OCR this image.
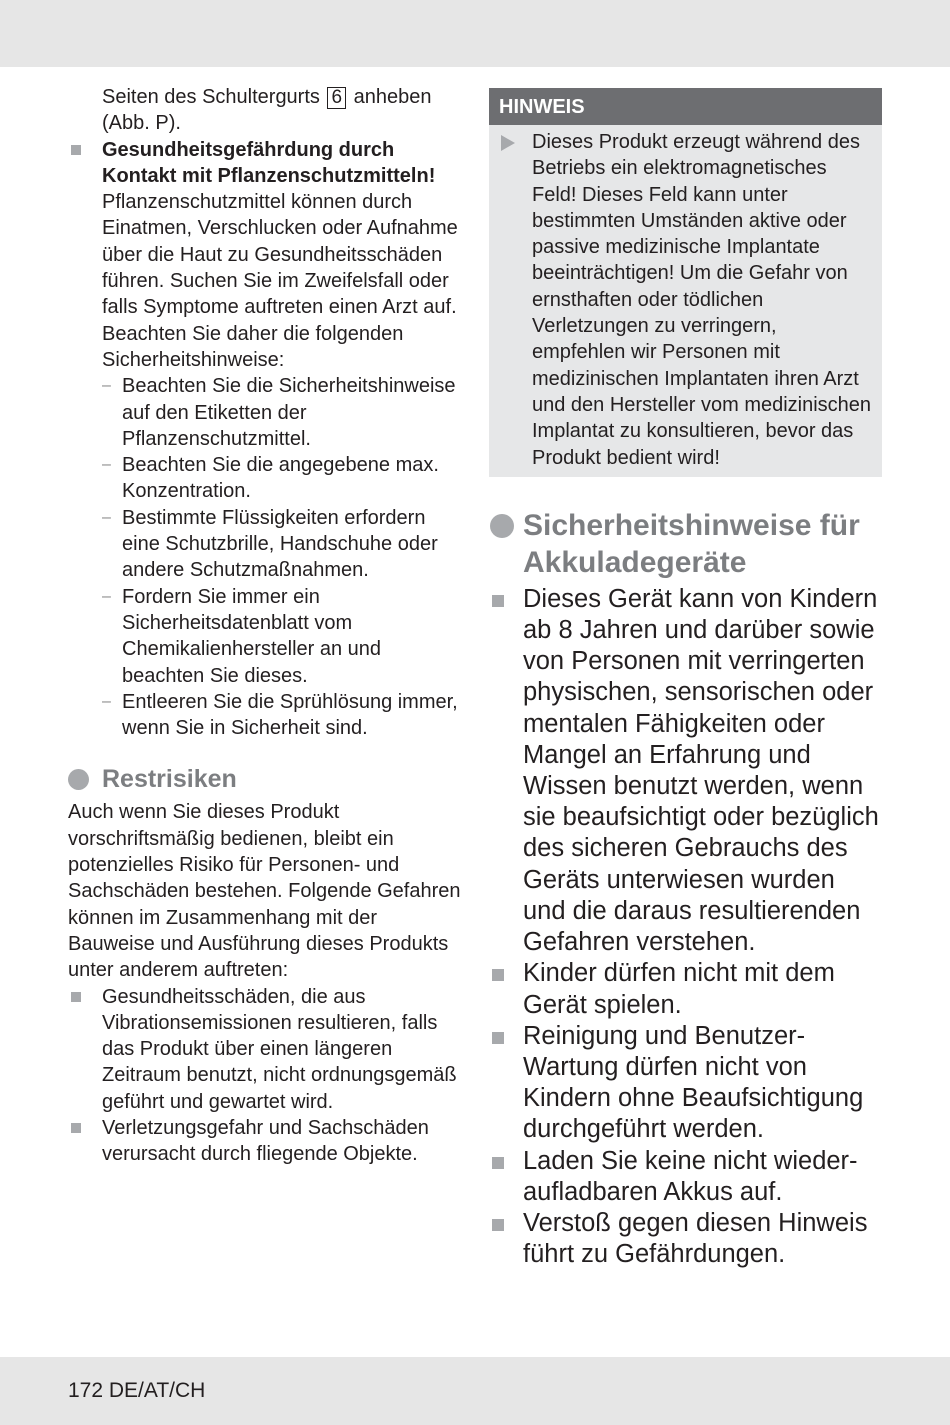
Seiten des Schultergurts 6 anheben (Abb. P).
Gesundheitsgefährdung durch
Kontakt mit Pflanzenschutzmitteln!
Pflanzenschutzmittel können durch Einatmen, Verschlucken oder Aufnahme über die Haut zu Gesundheitsschäden führen. Suchen Sie im Zweifelsfall oder falls Symptome auftreten einen Arzt auf. Beachten Sie daher die folgenden Sicherheitshinweise:
– Beachten Sie die Sicherheitshinweise auf den Etiketten der Pflanzenschutzmittel.
– Beachten Sie die angegebene max. Konzentration.
– Bestimmte Flüssigkeiten erfordern eine Schutzbrille, Handschuhe oder andere Schutzmaßnahmen.
– Fordern Sie immer ein Sicherheitsdatenblatt vom Chemikalienhersteller an und beachten Sie dieses.
– Entleeren Sie die Sprühlösung immer, wenn Sie in Sicherheit sind.
Restrisiken
Auch wenn Sie dieses Produkt vorschriftsmäßig bedienen, bleibt ein potenzielles Risiko für Personen- und Sachschäden bestehen. Folgende Gefahren können im Zusammenhang mit der Bauweise und Ausführung dieses Produkts unter anderem auftreten:
Gesundheitsschäden, die aus Vibrationsemissionen resultieren, falls das Produkt über einen längeren Zeitraum benutzt, nicht ordnungsgemäß geführt und gewartet wird.
Verletzungsgefahr und Sachschäden verursacht durch fliegende Objekte.
HINWEIS
Dieses Produkt erzeugt während des Betriebs ein elektromagnetisches Feld! Dieses Feld kann unter bestimmten Umständen aktive oder passive medizinische Implantate beeinträchtigen! Um die Gefahr von ernsthaften oder tödlichen Verletzungen zu verringern, empfehlen wir Personen mit medizinischen Implantaten ihren Arzt und den Hersteller vom medizinischen Implantat zu konsultieren, bevor das Produkt bedient wird!
Sicherheitshinweise für Akkuladegeräte
Dieses Gerät kann von Kindern ab 8 Jahren und darüber sowie von Personen mit verringerten physischen, sensorischen oder mentalen Fähigkeiten oder Mangel an Erfahrung und Wissen benutzt werden, wenn sie beaufsichtigt oder bezüglich des sicheren Gebrauchs des Geräts unterwiesen wurden und die daraus resultierenden Gefahren verstehen.
Kinder dürfen nicht mit dem Gerät spielen.
Reinigung und Benutzer-Wartung dürfen nicht von Kindern ohne Beaufsichtigung durchgeführt werden.
Laden Sie keine nicht wieder-aufladbaren Akkus auf.
Verstoß gegen diesen Hinweis führt zu Gefährdungen.
172 DE/AT/CH
